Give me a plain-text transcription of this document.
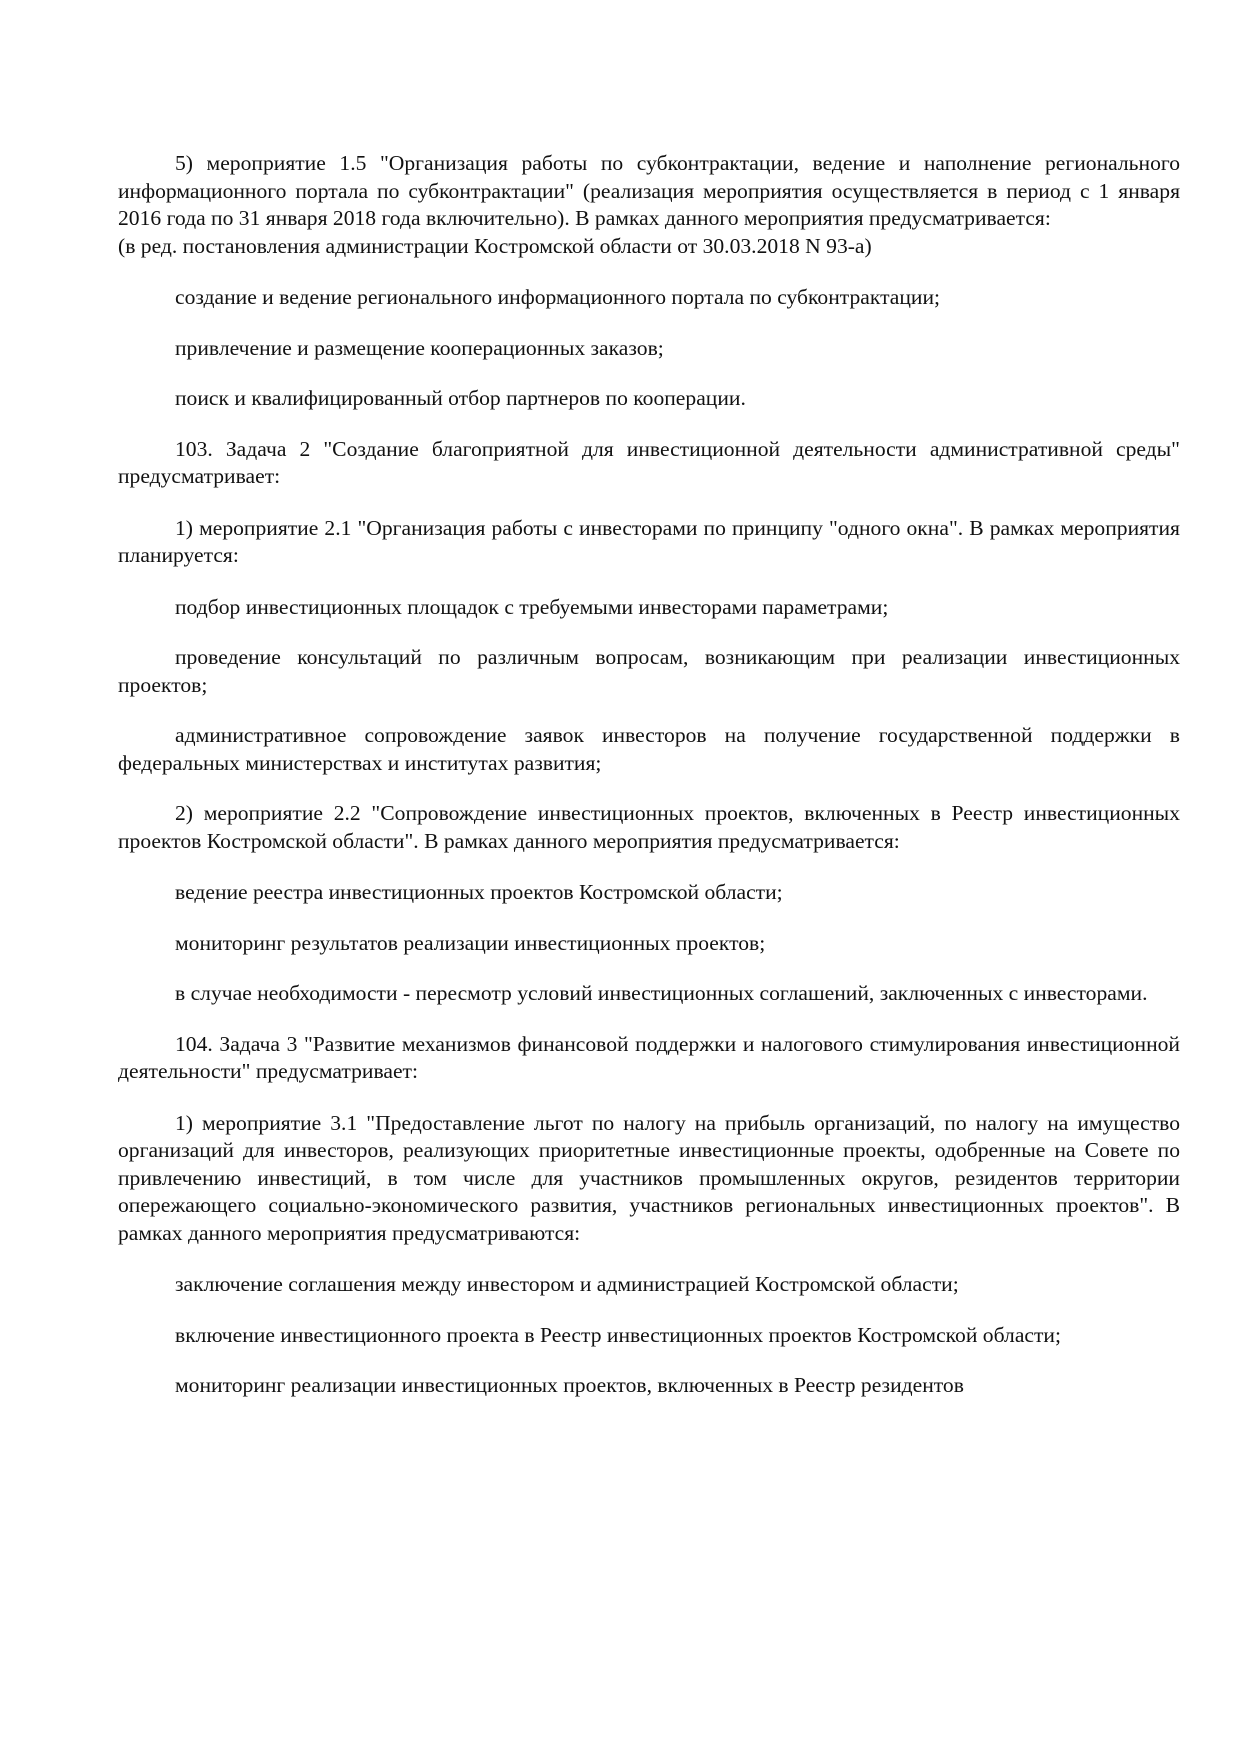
5) мероприятие 1.5 "Организация работы по субконтрактации, ведение и наполнение регионального информационного портала по субконтрактации" (реализация мероприятия осуществляется в период с 1 января 2016 года по 31 января 2018 года включительно). В рамках данного мероприятия предусматривается:

(в ред. постановления администрации Костромской области от 30.03.2018 N 93-а)

создание и ведение регионального информационного портала по субконтрактации;

привлечение и размещение кооперационных заказов;

поиск и квалифицированный отбор партнеров по кооперации.

103. Задача 2 "Создание благоприятной для инвестиционной деятельности административной среды" предусматривает:

1) мероприятие 2.1 "Организация работы с инвесторами по принципу "одного окна". В рамках мероприятия планируется:

подбор инвестиционных площадок с требуемыми инвесторами параметрами;

проведение консультаций по различным вопросам, возникающим при реализации инвестиционных проектов;

административное сопровождение заявок инвесторов на получение государственной поддержки в федеральных министерствах и институтах развития;

2) мероприятие 2.2 "Сопровождение инвестиционных проектов, включенных в Реестр инвестиционных проектов Костромской области". В рамках данного мероприятия предусматривается:

ведение реестра инвестиционных проектов Костромской области;

мониторинг результатов реализации инвестиционных проектов;

в случае необходимости - пересмотр условий инвестиционных соглашений, заключенных с инвесторами.

104. Задача 3 "Развитие механизмов финансовой поддержки и налогового стимулирования инвестиционной деятельности" предусматривает:

1) мероприятие 3.1 "Предоставление льгот по налогу на прибыль организаций, по налогу на имущество организаций для инвесторов, реализующих приоритетные инвестиционные проекты, одобренные на Совете по привлечению инвестиций, в том числе для участников промышленных округов, резидентов территории опережающего социально-экономического развития, участников региональных инвестиционных проектов". В рамках данного мероприятия предусматриваются:

заключение соглашения между инвестором и администрацией Костромской области;

включение инвестиционного проекта в Реестр инвестиционных проектов Костромской области;

мониторинг реализации инвестиционных проектов, включенных в Реестр резидентов
